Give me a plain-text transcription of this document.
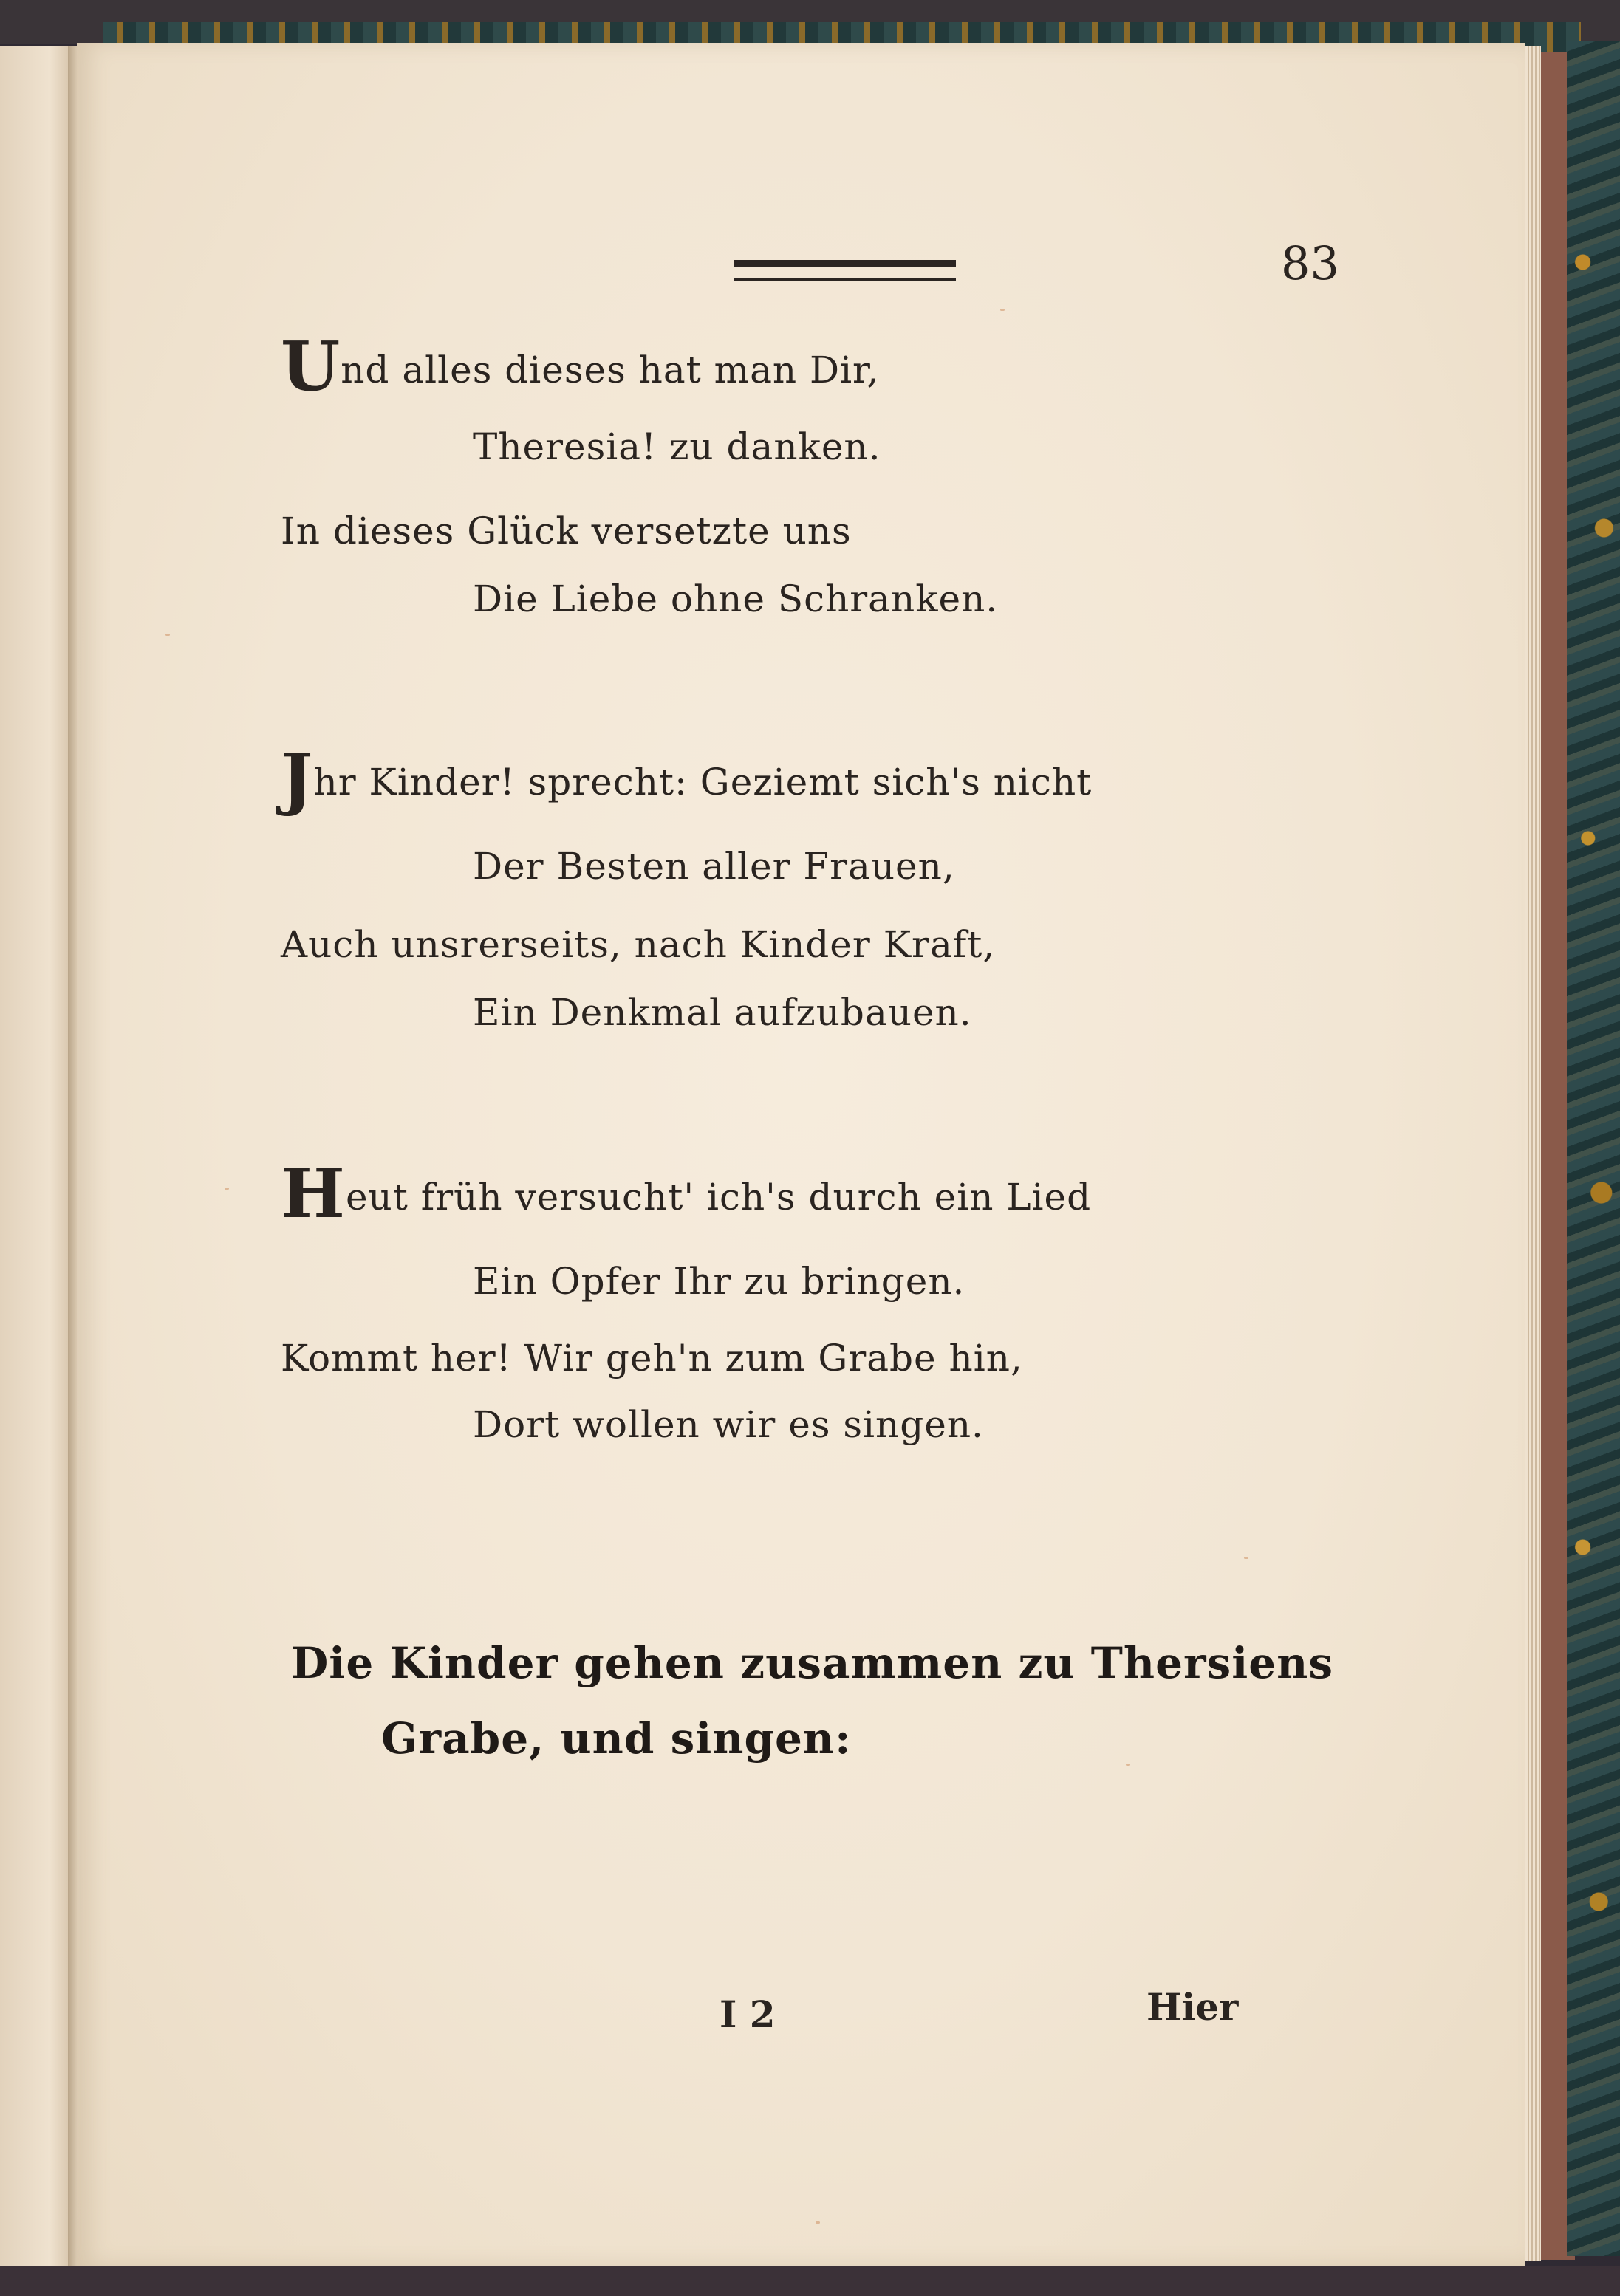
83
Und alles dieses hat man Dir,
Theresia! zu danken.
In dieses Glück versetzte uns
Die Liebe ohne Schranken.
Jhr Kinder! sprecht: Geziemt sich's nicht
Der Besten aller Frauen,
Auch unsrerseits, nach Kinder Kraft,
Ein Denkmal aufzubauen.
Heut früh versucht' ich's durch ein Lied
Ein Opfer Ihr zu bringen.
Kommt her! Wir geh'n zum Grabe hin,
Dort wollen wir es singen.
Die Kinder gehen zusammen zu Thersiens
Grabe, und singen:
I 2	Hier
